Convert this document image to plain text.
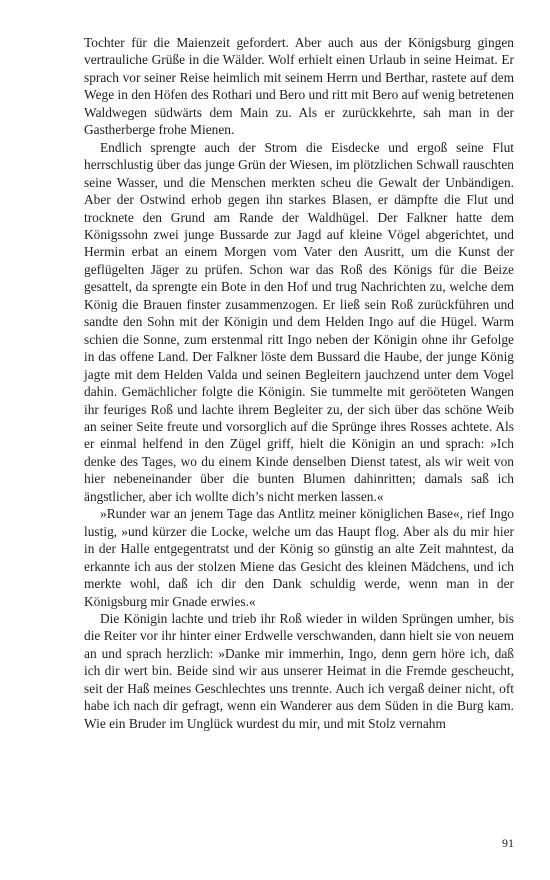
Tochter für die Maienzeit gefordert. Aber auch aus der Königsburg gingen vertrauliche Grüße in die Wälder. Wolf erhielt einen Urlaub in seine Heimat. Er sprach vor seiner Reise heimlich mit seinem Herrn und Berthar, rastete auf dem Wege in den Höfen des Rothari und Bero und ritt mit Bero auf wenig betretenen Waldwegen südwärts dem Main zu. Als er zurückkehrte, sah man in der Gastherberge frohe Mienen.

Endlich sprengte auch der Strom die Eisdecke und ergoß seine Flut herrschlustig über das junge Grün der Wiesen, im plötzlichen Schwall rauschten seine Wasser, und die Menschen merkten scheu die Gewalt der Unbändigen. Aber der Ostwind erhob gegen ihn starkes Blasen, er dämpfte die Flut und trocknete den Grund am Rande der Waldhügel. Der Falkner hatte dem Königssohn zwei junge Bussarde zur Jagd auf kleine Vögel abgerichtet, und Hermin erbat an einem Morgen vom Vater den Ausritt, um die Kunst der geflügelten Jäger zu prüfen. Schon war das Roß des Königs für die Beize gesattelt, da sprengte ein Bote in den Hof und trug Nachrichten zu, welche dem König die Brauen finster zusammenzogen. Er ließ sein Roß zurückführen und sandte den Sohn mit der Königin und dem Helden Ingo auf die Hügel. Warm schien die Sonne, zum erstenmal ritt Ingo neben der Königin ohne ihr Gefolge in das offene Land. Der Falkner löste dem Bussard die Haube, der junge König jagte mit dem Helden Valda und seinen Begleitern jauchzend unter dem Vogel dahin. Gemächlicher folgte die Königin. Sie tummelte mit gerööteten Wangen ihr feuriges Roß und lachte ihrem Begleiter zu, der sich über das schöne Weib an seiner Seite freute und vorsorglich auf die Sprünge ihres Rosses achtete. Als er einmal helfend in den Zügel griff, hielt die Königin an und sprach: »Ich denke des Tages, wo du einem Kinde denselben Dienst tatest, als wir weit von hier nebeneinander über die bunten Blumen dahinritten; damals saß ich ängstlicher, aber ich wollte dich’s nicht merken lassen.«

»Runder war an jenem Tage das Antlitz meiner königlichen Base«, rief Ingo lustig, »und kürzer die Locke, welche um das Haupt flog. Aber als du mir hier in der Halle entgegentratst und der König so günstig an alte Zeit mahntest, da erkannte ich aus der stolzen Miene das Gesicht des kleinen Mädchens, und ich merkte wohl, daß ich dir den Dank schuldig werde, wenn man in der Königsburg mir Gnade erwies.«

Die Königin lachte und trieb ihr Roß wieder in wilden Sprüngen umher, bis die Reiter vor ihr hinter einer Erdwelle verschwanden, dann hielt sie von neuem an und sprach herzlich: »Danke mir immerhin, Ingo, denn gern höre ich, daß ich dir wert bin. Beide sind wir aus unserer Heimat in die Fremde gescheucht, seit der Haß meines Geschlechtes uns trennte. Auch ich vergaß deiner nicht, oft habe ich nach dir gefragt, wenn ein Wanderer aus dem Süden in die Burg kam. Wie ein Bruder im Unglück wurdest du mir, und mit Stolz vernahm

91
